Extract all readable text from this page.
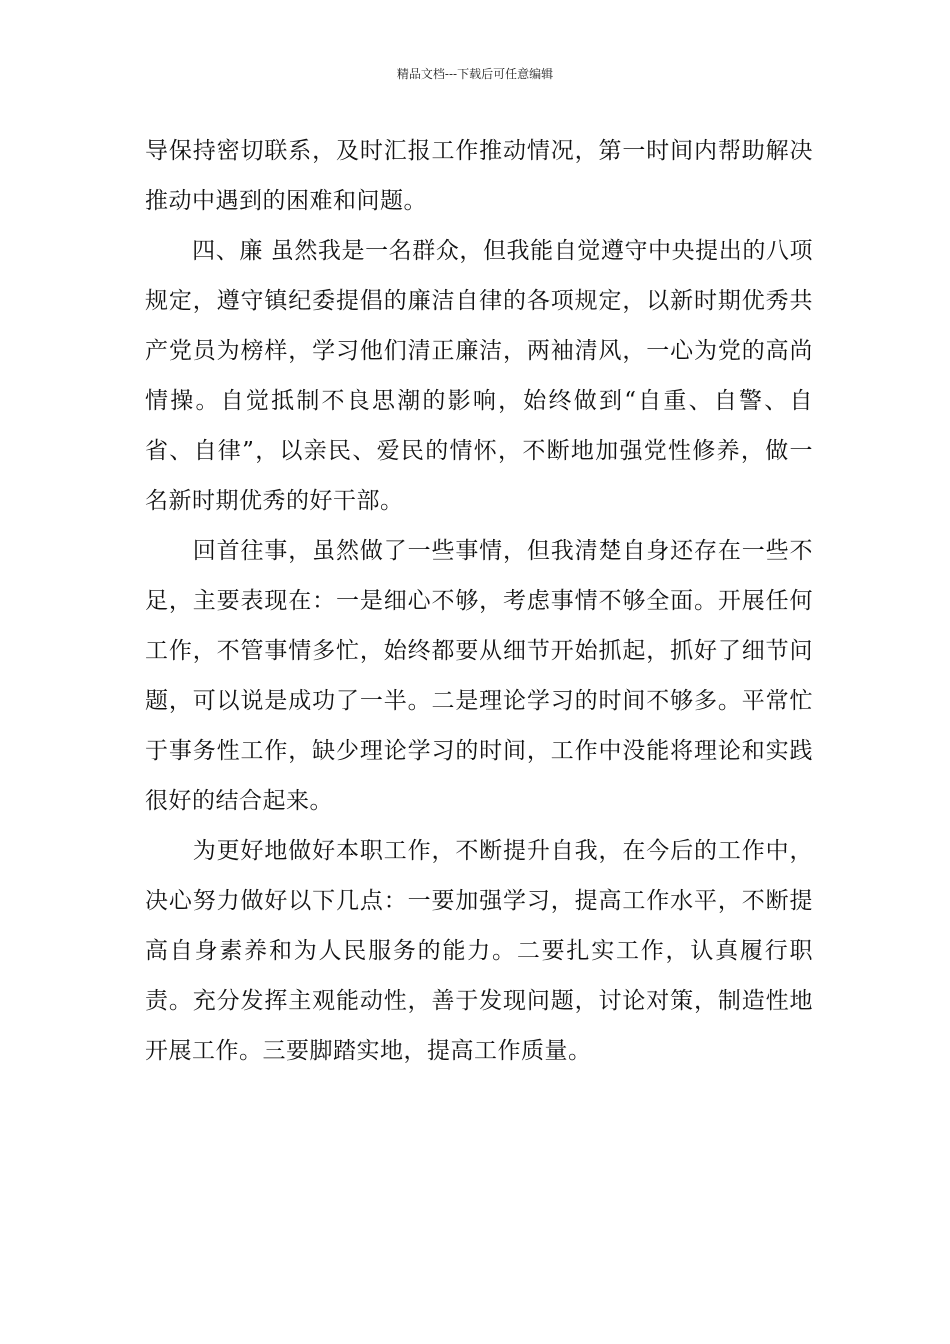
精品文档---下载后可任意编辑

导保持密切联系，及时汇报工作推动情况，第一时间内帮助解决推动中遇到的困难和问题。

　　四、廉 虽然我是一名群众，但我能自觉遵守中央提出的八项规定，遵守镇纪委提倡的廉洁自律的各项规定，以新时期优秀共产党员为榜样，学习他们清正廉洁，两袖清风，一心为党的高尚情操。自觉抵制不良思潮的影响，始终做到“自重、自警、自省、自律”，以亲民、爱民的情怀，不断地加强党性修养，做一名新时期优秀的好干部。

　　回首往事，虽然做了一些事情，但我清楚自身还存在一些不足，主要表现在：一是细心不够，考虑事情不够全面。开展任何工作，不管事情多忙，始终都要从细节开始抓起，抓好了细节问题，可以说是成功了一半。二是理论学习的时间不够多。平常忙于事务性工作，缺少理论学习的时间，工作中没能将理论和实践很好的结合起来。

　　为更好地做好本职工作，不断提升自我，在今后的工作中，决心努力做好以下几点：一要加强学习，提高工作水平，不断提高自身素养和为人民服务的能力。二要扎实工作，认真履行职责。充分发挥主观能动性，善于发现问题，讨论对策，制造性地开展工作。三要脚踏实地，提高工作质量。
